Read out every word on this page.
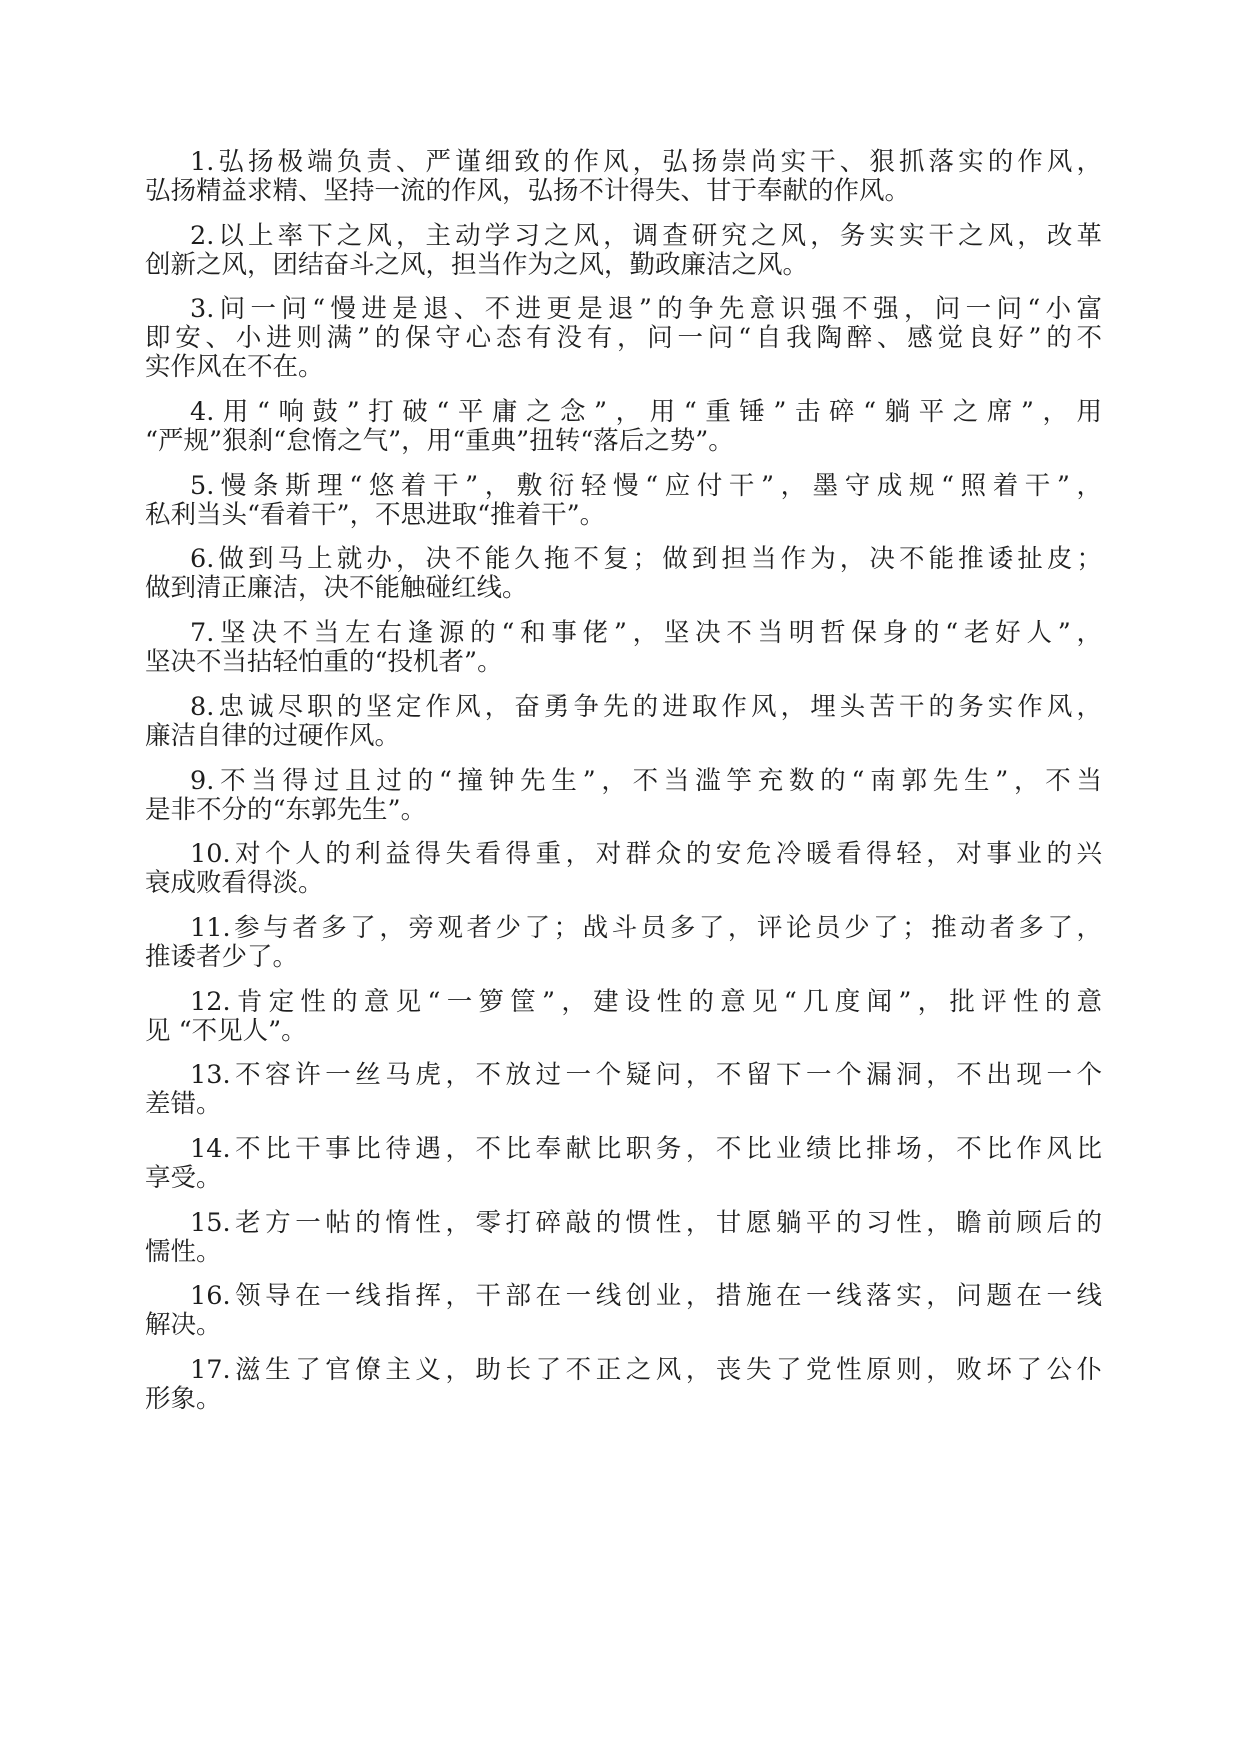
1.弘扬极端负责、严谨细致的作风，弘扬崇尚实干、狠抓落实的作风，
弘扬精益求精、坚持一流的作风，弘扬不计得失、甘于奉献的作风。
2.以上率下之风，主动学习之风，调查研究之风，务实实干之风，改革
创新之风，团结奋斗之风，担当作为之风，勤政廉洁之风。
3.问一问“慢进是退、不进更是退”的争先意识强不强，问一问“小富
即安、小进则满”的保守心态有没有，问一问“自我陶醉、感觉良好”的不
实作风在不在。
4.用“响鼓”打破“平庸之念”，用“重锤”击碎“躺平之席”，用
“严规”狠刹“怠惰之气”，用“重典”扭转“落后之势”。
5.慢条斯理“悠着干”，敷衍轻慢“应付干”，墨守成规“照着干”，
私利当头“看着干”，不思进取“推着干”。
6.做到马上就办，决不能久拖不复；做到担当作为，决不能推诿扯皮；
做到清正廉洁，决不能触碰红线。
7.坚决不当左右逢源的“和事佬”，坚决不当明哲保身的“老好人”，
坚决不当拈轻怕重的“投机者”。
8.忠诚尽职的坚定作风，奋勇争先的进取作风，埋头苦干的务实作风，
廉洁自律的过硬作风。
9.不当得过且过的“撞钟先生”，不当滥竽充数的“南郭先生”，不当
是非不分的“东郭先生”。
10.对个人的利益得失看得重，对群众的安危冷暖看得轻，对事业的兴
衰成败看得淡。
11.参与者多了，旁观者少了；战斗员多了，评论员少了；推动者多了，
推诿者少了。
12.肯定性的意见“一箩筐”，建设性的意见“几度闻”，批评性的意
见 “不见人”。
13.不容许一丝马虎，不放过一个疑问，不留下一个漏洞，不出现一个
差错。
14.不比干事比待遇，不比奉献比职务，不比业绩比排场，不比作风比
享受。
15.老方一帖的惰性，零打碎敲的惯性，甘愿躺平的习性，瞻前顾后的
懦性。
16.领导在一线指挥，干部在一线创业，措施在一线落实，问题在一线
解决。
17.滋生了官僚主义，助长了不正之风，丧失了党性原则，败坏了公仆
形象。
